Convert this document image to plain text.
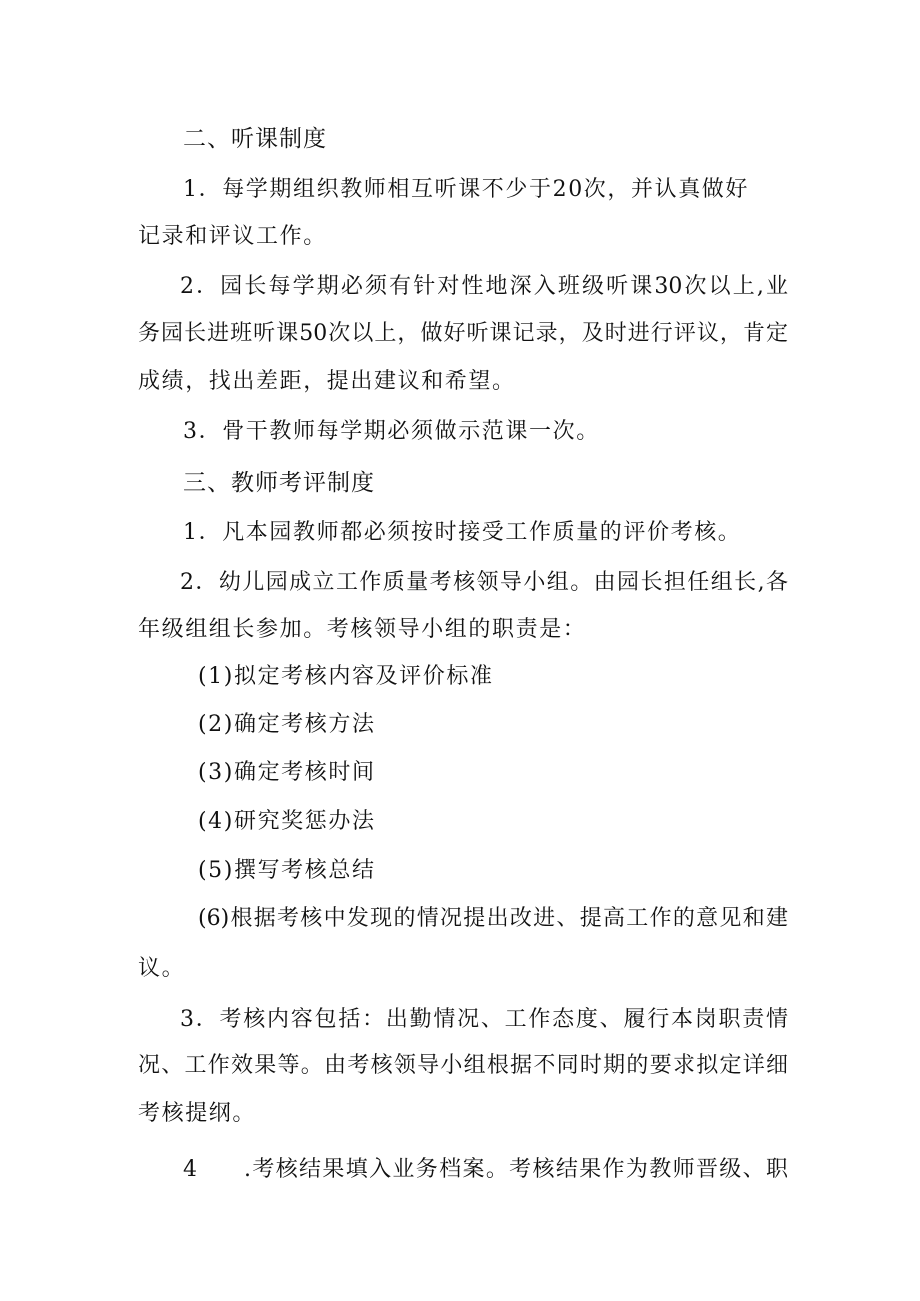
二、听课制度
1．每学期组织教师相互听课不少于20次，并认真做好
记录和评议工作。
2．园长每学期必须有针对性地深入班级听课30次以上,业
务园长进班听课50次以上，做好听课记录，及时进行评议，肯定
成绩，找出差距，提出建议和希望。
3．骨干教师每学期必须做示范课一次。
三、教师考评制度
1．凡本园教师都必须按时接受工作质量的评价考核。
2．幼儿园成立工作质量考核领导小组。由园长担任组长,各
年级组组长参加。考核领导小组的职责是：
(1)拟定考核内容及评价标准
(2)确定考核方法
(3)确定考核时间
(4)研究奖惩办法
(5)撰写考核总结
(6)根据考核中发现的情况提出改进、提高工作的意见和建
议。
3．考核内容包括：出勤情况、工作态度、履行本岗职责情
况、工作效果等。由考核领导小组根据不同时期的要求拟定详细
考核提纲。
4 .考核结果填入业务档案。考核结果作为教师晋级、职
